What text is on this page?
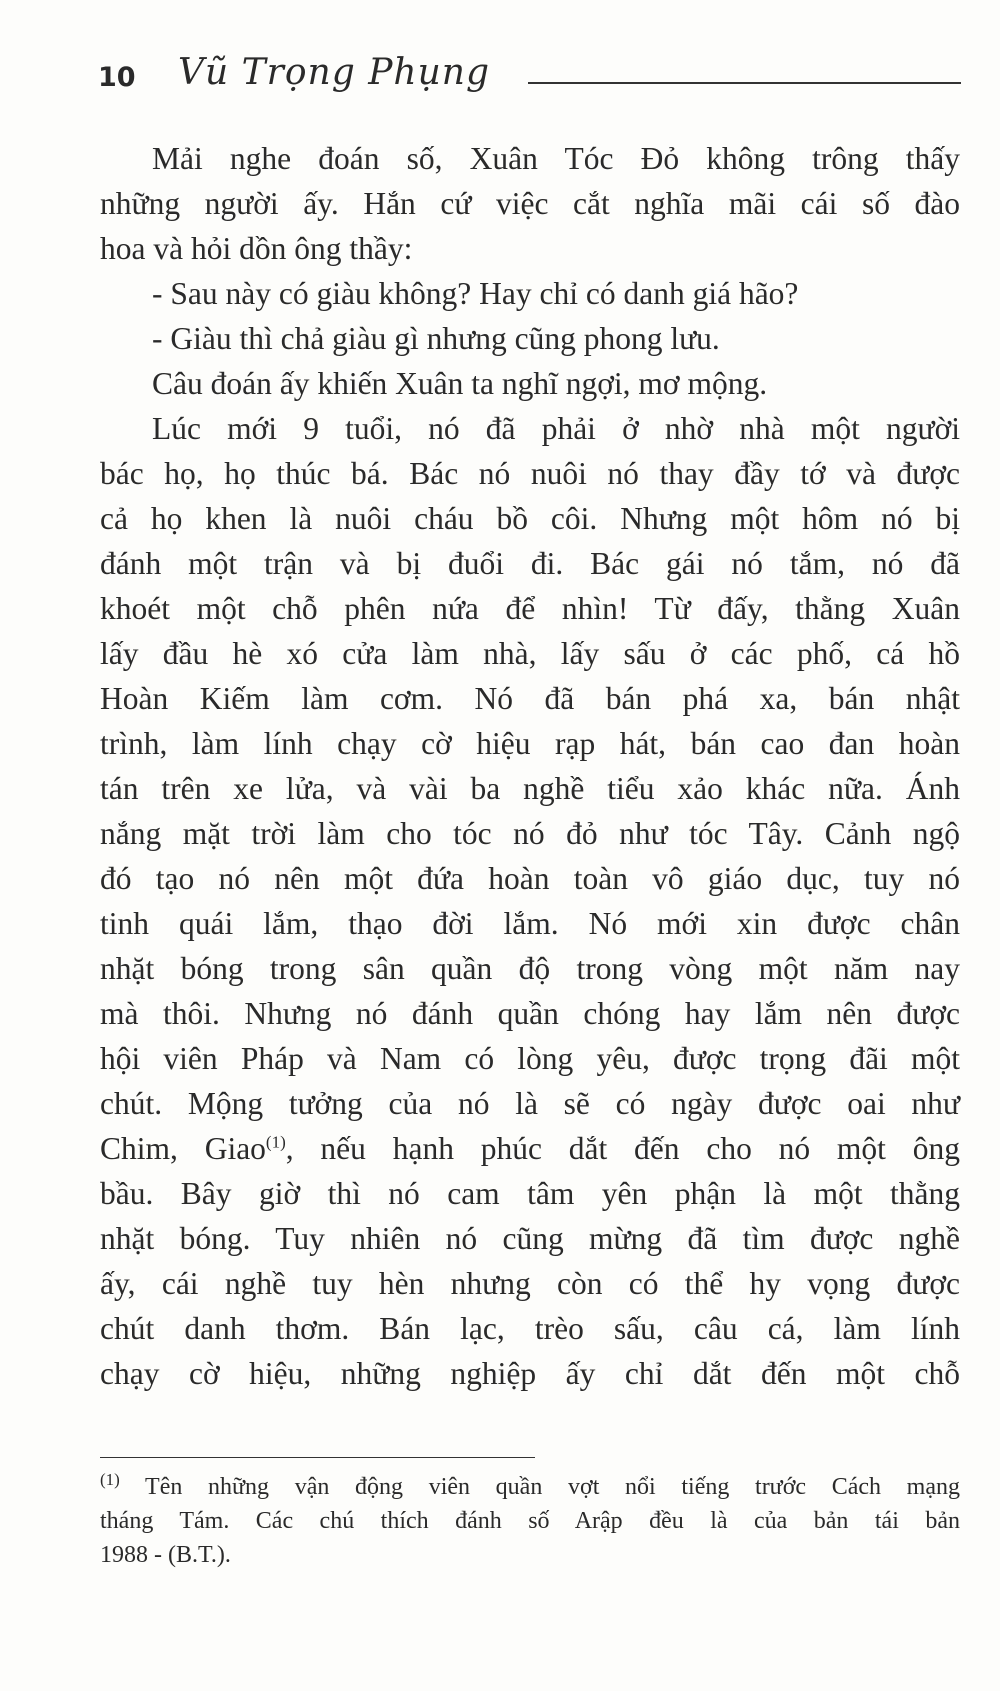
10 Vũ Trọng Phụng

Mải nghe đoán số, Xuân Tóc Đỏ không trông thấy
những người ấy. Hắn cứ việc cắt nghĩa mãi cái số đào
hoa và hỏi dồn ông thầy:

- Sau này có giàu không? Hay chỉ có danh giá hão?

- Giàu thì chả giàu gì nhưng cũng phong lưu.

Câu đoán ấy khiến Xuân ta nghĩ ngợi, mơ mộng.

Lúc mới 9 tuổi, nó đã phải ở nhờ nhà một người
bác họ, họ thúc bá. Bác nó nuôi nó thay đầy tớ và được
cả họ khen là nuôi cháu bồ côi. Nhưng một hôm nó bị
đánh một trận và bị đuổi đi. Bác gái nó tắm, nó đã
khoét một chỗ phên nứa để nhìn! Từ đấy, thằng Xuân
lấy đầu hè xó cửa làm nhà, lấy sấu ở các phố, cá hồ
Hoàn Kiếm làm cơm. Nó đã bán phá xa, bán nhật
trình, làm lính chạy cờ hiệu rạp hát, bán cao đan hoàn
tán trên xe lửa, và vài ba nghề tiểu xảo khác nữa. Ánh
nắng mặt trời làm cho tóc nó đỏ như tóc Tây. Cảnh ngộ
đó tạo nó nên một đứa hoàn toàn vô giáo dục, tuy nó
tinh quái lắm, thạo đời lắm. Nó mới xin được chân
nhặt bóng trong sân quần độ trong vòng một năm nay
mà thôi. Nhưng nó đánh quần chóng hay lắm nên được
hội viên Pháp và Nam có lòng yêu, được trọng đãi một
chút. Mộng tưởng của nó là sẽ có ngày được oai như
Chim, Giao$^{(1)}$, nếu hạnh phúc dắt đến cho nó một ông
bầu. Bây giờ thì nó cam tâm yên phận là một thằng
nhặt bóng. Tuy nhiên nó cũng mừng đã tìm được nghề
ấy, cái nghề tuy hèn nhưng còn có thể hy vọng được
chút danh thơm. Bán lạc, trèo sấu, câu cá, làm lính
chạy cờ hiệu, những nghiệp ấy chỉ dắt đến một chỗ

$^{(1)}$ Tên những vận động viên quần vợt nổi tiếng trước Cách mạng
tháng Tám. Các chú thích đánh số Arập đều là của bản tái bản
1988 - (B.T.).
